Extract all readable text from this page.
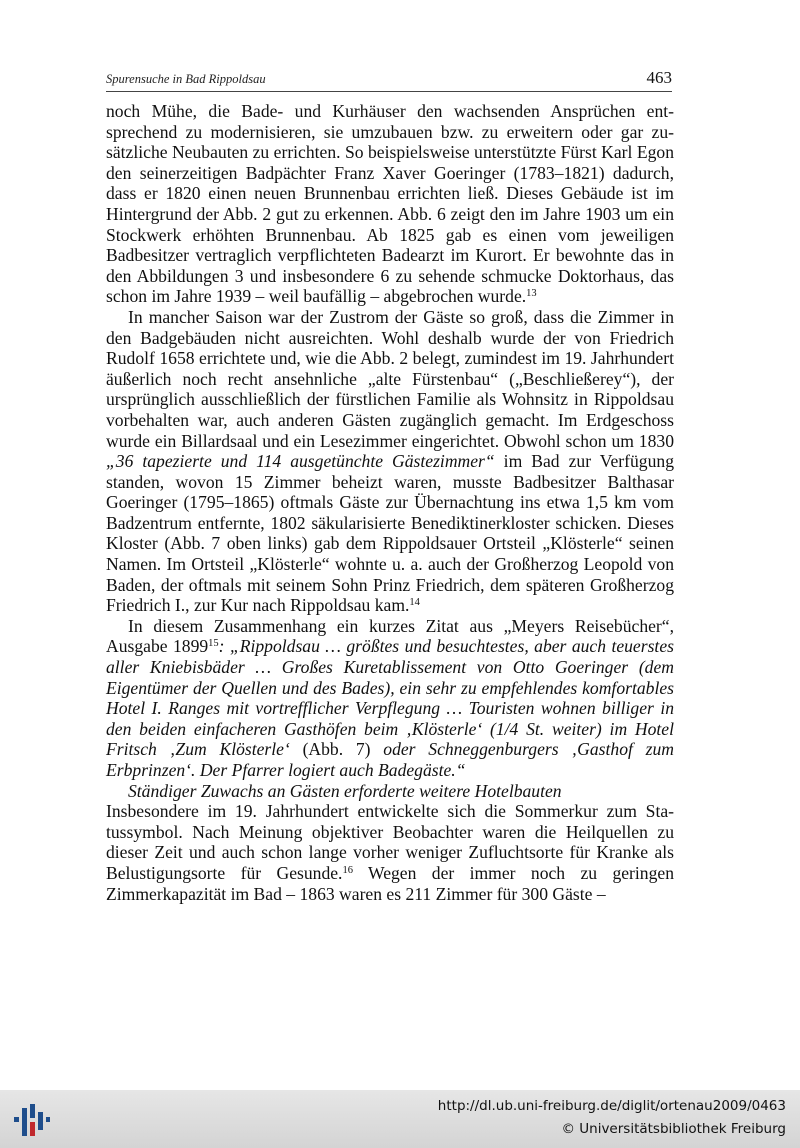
Spurensuche in Bad Rippoldsau	463

noch Mühe, die Bade- und Kurhäuser den wachsenden Ansprüchen entsprechend zu modernisieren, sie umzubauen bzw. zu erweitern oder gar zusätzliche Neubauten zu errichten. So beispielsweise unterstützte Fürst Karl Egon den seinerzeitigen Badpächter Franz Xaver Goeringer (1783–1821) dadurch, dass er 1820 einen neuen Brunnenbau errichten ließ. Dieses Gebäude ist im Hintergrund der Abb. 2 gut zu erkennen. Abb. 6 zeigt den im Jahre 1903 um ein Stockwerk erhöhten Brunnenbau. Ab 1825 gab es einen vom jeweiligen Badbesitzer vertraglich verpflichteten Badearzt im Kurort. Er bewohnte das in den Abbildungen 3 und insbesondere 6 zu sehende schmucke Doktorhaus, das schon im Jahre 1939 – weil baufällig – abgebrochen wurde.$^{13}$

In mancher Saison war der Zustrom der Gäste so groß, dass die Zimmer in den Badgebäuden nicht ausreichten. Wohl deshalb wurde der von Friedrich Rudolf 1658 errichtete und, wie die Abb. 2 belegt, zumindest im 19. Jahrhundert äußerlich noch recht ansehnliche „alte Fürstenbau“ („Beschließerey“), der ursprünglich ausschließlich der fürstlichen Familie als Wohnsitz in Rippoldsau vorbehalten war, auch anderen Gästen zugänglich gemacht. Im Erdgeschoss wurde ein Billardsaal und ein Lesezimmer eingerichtet. Obwohl schon um 1830 „36 tapezierte und 114 ausgetünchte Gästezimmer“ im Bad zur Verfügung standen, wovon 15 Zimmer beheizt waren, musste Badbesitzer Balthasar Goeringer (1795–1865) oftmals Gäste zur Übernachtung ins etwa 1,5 km vom Badzentrum entfernte, 1802 säkularisierte Benediktinerkloster schicken. Dieses Kloster (Abb. 7 oben links) gab dem Rippoldsauer Ortsteil „Klösterle“ seinen Namen. Im Ortsteil „Klösterle“ wohnte u. a. auch der Großherzog Leopold von Baden, der oftmals mit seinem Sohn Prinz Friedrich, dem späteren Großherzog Friedrich I., zur Kur nach Rippoldsau kam.$^{14}$

In diesem Zusammenhang ein kurzes Zitat aus „Meyers Reisebücher“, Ausgabe 1899$^{15}$: „Rippoldsau … größtes und besuchtestes, aber auch teuerstes aller Kniebisbäder … Großes Kuretablissement von Otto Goeringer (dem Eigentümer der Quellen und des Bades), ein sehr zu empfehlendes komfortables Hotel I. Ranges mit vortrefflicher Verpflegung … Touristen wohnen billiger in den beiden einfacheren Gasthöfen beim ‚Klösterle‘ (1/4 St. weiter) im Hotel Fritsch ‚Zum Klösterle‘ (Abb. 7) oder Schneggenburgers ‚Gasthof zum Erbprinzen‘. Der Pfarrer logiert auch Badegäste.“

Ständiger Zuwachs an Gästen erforderte weitere Hotelbauten

Insbesondere im 19. Jahrhundert entwickelte sich die Sommerkur zum Statussymbol. Nach Meinung objektiver Beobachter waren die Heilquellen zu dieser Zeit und auch schon lange vorher weniger Zufluchtsorte für Kranke als Belustigungsorte für Gesunde.$^{16}$ Wegen der immer noch zu geringen Zimmerkapazität im Bad – 1863 waren es 211 Zimmer für 300 Gäste –

http://dl.ub.uni-freiburg.de/diglit/ortenau2009/0463
© Universitätsbibliothek Freiburg
